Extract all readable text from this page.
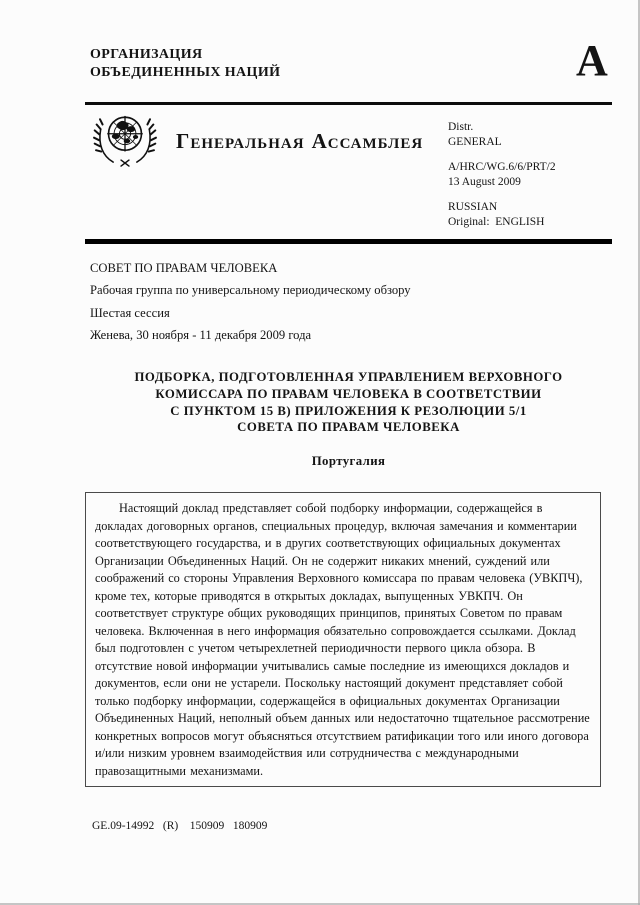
ОРГАНИЗАЦИЯ
ОБЪЕДИНЕННЫХ НАЦИЙ	A
ГЕНЕРАЛЬНАЯ АССАМБЛЕЯ
Distr.
GENERAL
A/HRC/WG.6/6/PRT/2
13 August 2009
RUSSIAN
Original:  ENGLISH
СОВЕТ ПО ПРАВАМ ЧЕЛОВЕКА
Рабочая группа по универсальному периодическому обзору
Шестая сессия
Женева, 30 ноября - 11 декабря 2009 года
ПОДБОРКА, ПОДГОТОВЛЕННАЯ УПРАВЛЕНИЕМ ВЕРХОВНОГО
КОМИССАРА ПО ПРАВАМ ЧЕЛОВЕКА В СООТВЕТСТВИИ
С ПУНКТОМ 15 В) ПРИЛОЖЕНИЯ К РЕЗОЛЮЦИИ 5/1
СОВЕТА ПО ПРАВАМ ЧЕЛОВЕКА
Португалия

Настоящий доклад представляет собой подборку информации, содержащейся в докладах договорных органов, специальных процедур, включая замечания и комментарии соответствующего государства, и в других соответствующих официальных документах Организации Объединенных Наций. Он не содержит никаких мнений, суждений или соображений со стороны Управления Верховного комиссара по правам человека (УВКПЧ), кроме тех, которые приводятся в открытых докладах, выпущенных УВКПЧ. Он соответствует структуре общих руководящих принципов, принятых Советом по правам человека. Включенная в него информация обязательно сопровождается ссылками. Доклад был подготовлен с учетом четырехлетней периодичности первого цикла обзора. В отсутствие новой информации учитывались самые последние из имеющихся докладов и документов, если они не устарели. Поскольку настоящий документ представляет собой только подборку информации, содержащейся в официальных документах Организации Объединенных Наций, неполный объем данных или недостаточно тщательное рассмотрение конкретных вопросов могут объясняться отсутствием ратификации того или иного договора и/или низким уровнем взаимодействия или сотрудничества с международными правозащитными механизмами.

GE.09-14992   (R)    150909   180909
